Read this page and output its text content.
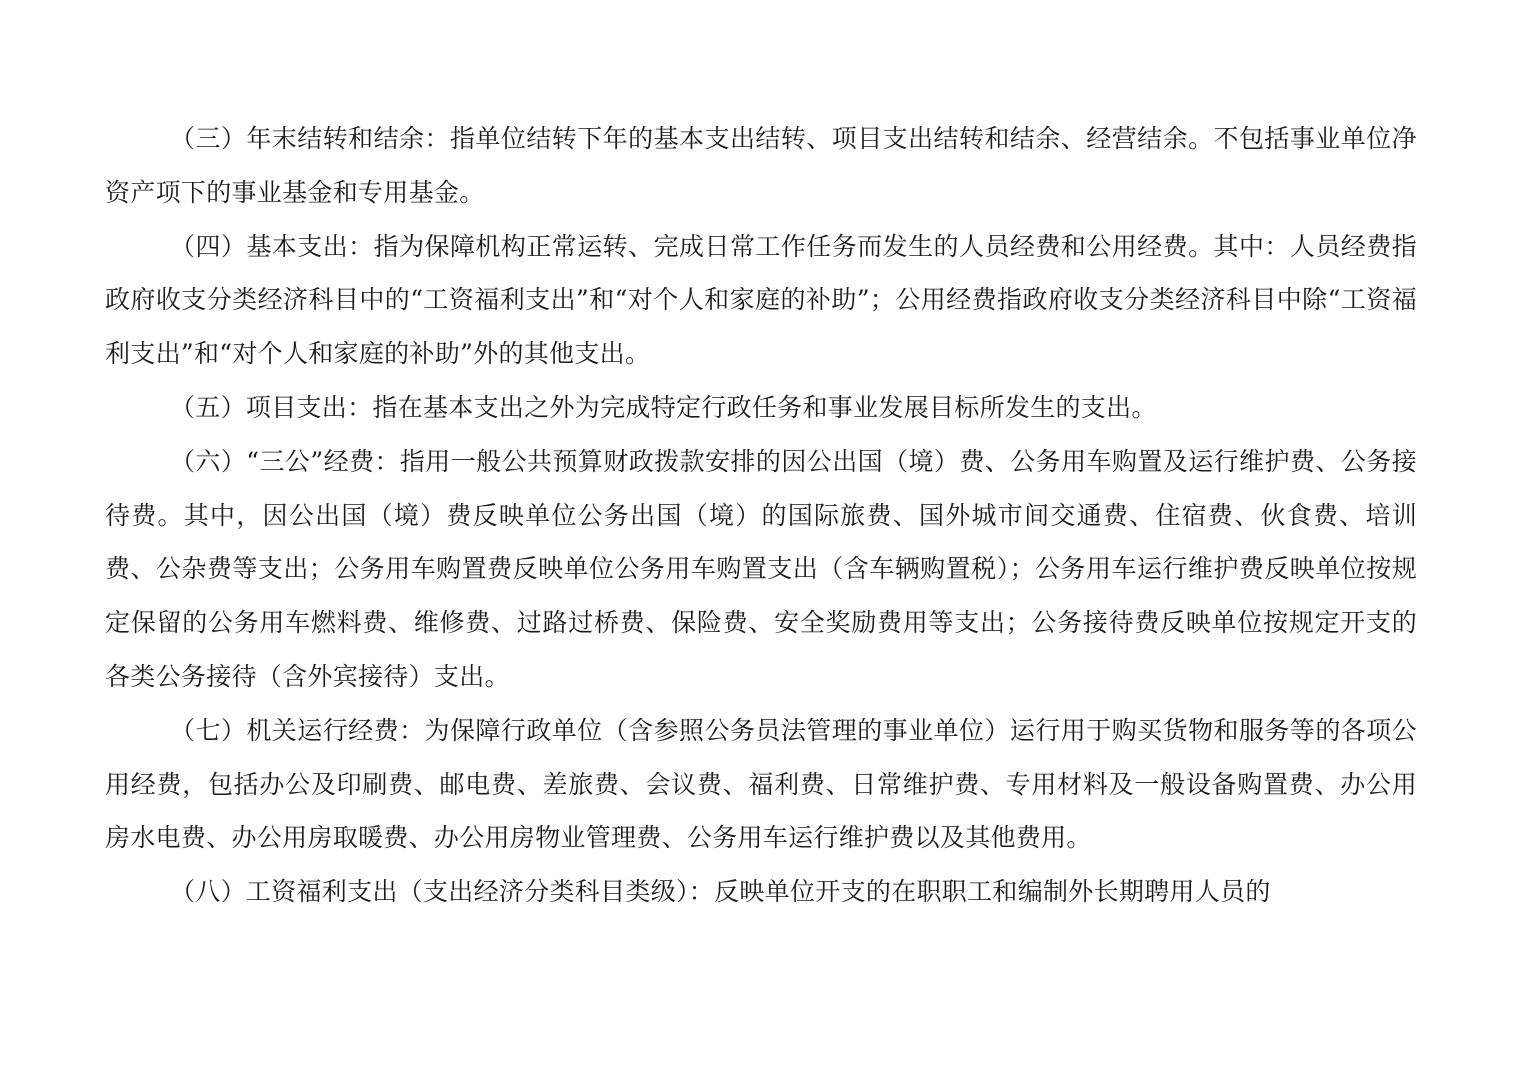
（三）年末结转和结余：指单位结转下年的基本支出结转、项目支出结转和结余、经营结余。不包括事业单位净资产项下的事业基金和专用基金。

（四）基本支出：指为保障机构正常运转、完成日常工作任务而发生的人员经费和公用经费。其中：人员经费指政府收支分类经济科目中的“工资福利支出”和“对个人和家庭的补助”；公用经费指政府收支分类经济科目中除“工资福利支出”和“对个人和家庭的补助”外的其他支出。

（五）项目支出：指在基本支出之外为完成特定行政任务和事业发展目标所发生的支出。

（六）“三公”经费：指用一般公共预算财政拨款安排的因公出国（境）费、公务用车购置及运行维护费、公务接待费。其中，因公出国（境）费反映单位公务出国（境）的国际旅费、国外城市间交通费、住宿费、伙食费、培训费、公杂费等支出；公务用车购置费反映单位公务用车购置支出（含车辆购置税）；公务用车运行维护费反映单位按规定保留的公务用车燃料费、维修费、过路过桥费、保险费、安全奖励费用等支出；公务接待费反映单位按规定开支的各类公务接待（含外宾接待）支出。

（七）机关运行经费：为保障行政单位（含参照公务员法管理的事业单位）运行用于购买货物和服务等的各项公用经费，包括办公及印刷费、邮电费、差旅费、会议费、福利费、日常维护费、专用材料及一般设备购置费、办公用房水电费、办公用房取暖费、办公用房物业管理费、公务用车运行维护费以及其他费用。

（八）工资福利支出（支出经济分类科目类级）：反映单位开支的在职职工和编制外长期聘用人员的
